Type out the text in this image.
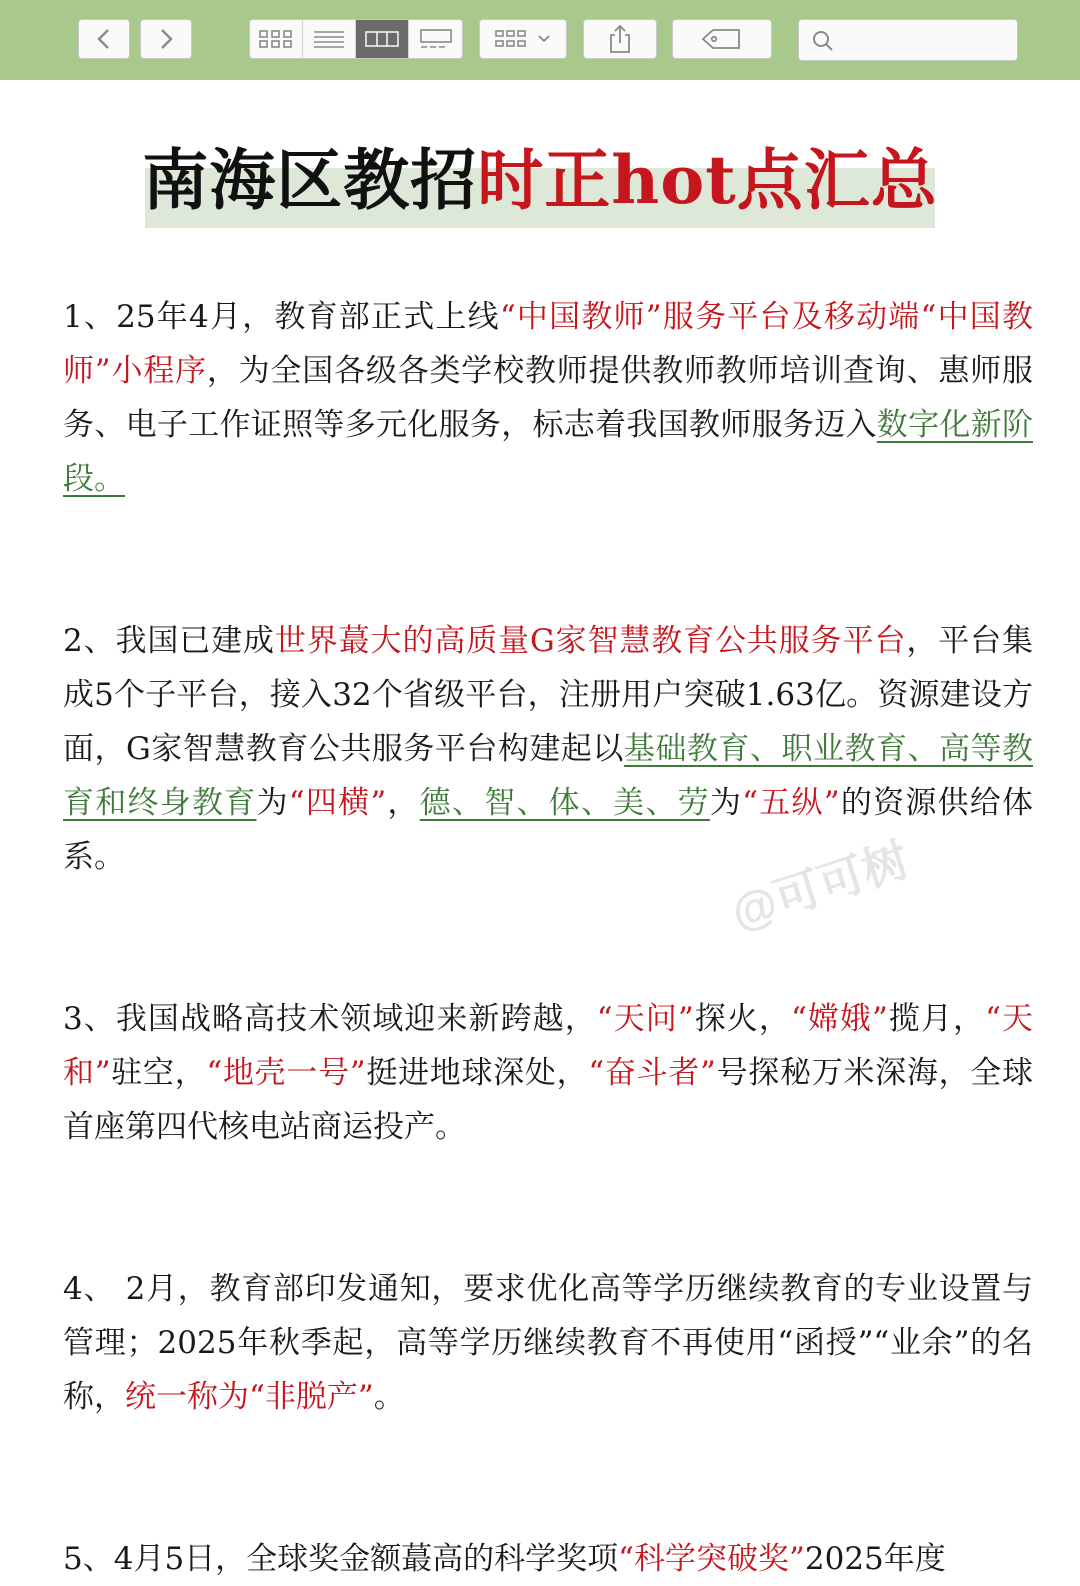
南海区教招时正hot点汇总

1、25年4月，教育部正式上线“中国教师”服务平台及移动端“中国教师”小程序，为全国各级各类学校教师提供教师教师培训查询、惠师服务、电子工作证照等多元化服务，标志着我国教师服务迈入数字化新阶段。

2、我国已建成世界蕞大的高质量G家智慧教育公共服务平台，平台集成5个子平台，接入32个省级平台，注册用户突破1.63亿。资源建设方面，G家智慧教育公共服务平台构建起以基础教育、职业教育、高等教育和终身教育为“四横”，德、智、体、美、劳为“五纵”的资源供给体系。

3、我国战略高技术领域迎来新跨越，“天问”探火，“嫦娥”揽月，“天和”驻空，“地壳一号”挺进地球深处，“奋斗者”号探秘万米深海，全球首座第四代核电站商运投产。

4、 2月，教育部印发通知，要求优化高等学历继续教育的专业设置与管理；2025年秋季起，高等学历继续教育不再使用“函授”“业余”的名称，统一称为“非脱产”。

5、4月5日，全球奖金额蕞高的科学奖项“科学突破奖”2025年度

@可可树
